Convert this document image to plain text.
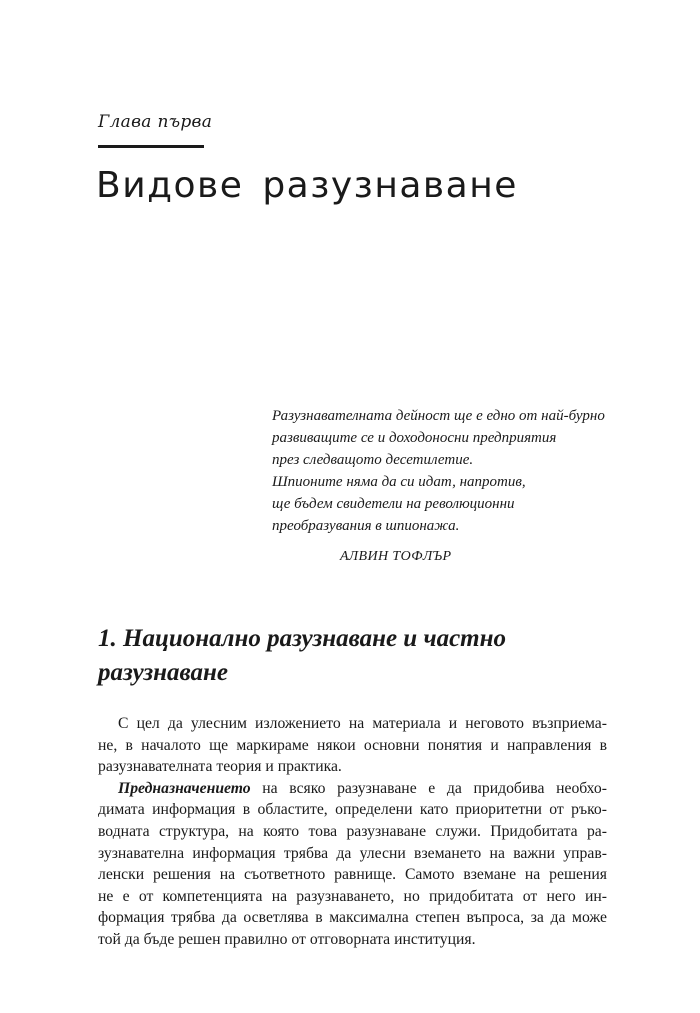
Глава първа
Видове разузнаване
Разузнавателната дейност ще е едно от най-бурно
развиващите се и доходоносни предприятия
през следващото десетилетие.
Шпионите няма да си идат, напротив,
ще бъдем свидетели на революционни
преобразувания в шпионажа.
АЛВИН ТОФЛЪР
1. Национално разузнаване и частно
разузнаване
С цел да улесним изложението на материала и неговото възприема-
не, в началото ще маркираме някои основни понятия и направления в
разузнавателната теория и практика.
Предназначението на всяко разузнаване е да придобива необхо-
димата информация в областите, определени като приоритетни от ръко-
водната структура, на която това разузнаване служи. Придобитата ра-
зузнавателна информация трябва да улесни вземането на важни управ-
ленски решения на съответното равнище. Самото вземане на решения
не е от компетенцията на разузнаването, но придобитата от него ин-
формация трябва да осветлява в максимална степен въпроса, за да може
той да бъде решен правилно от отговорната институция.
